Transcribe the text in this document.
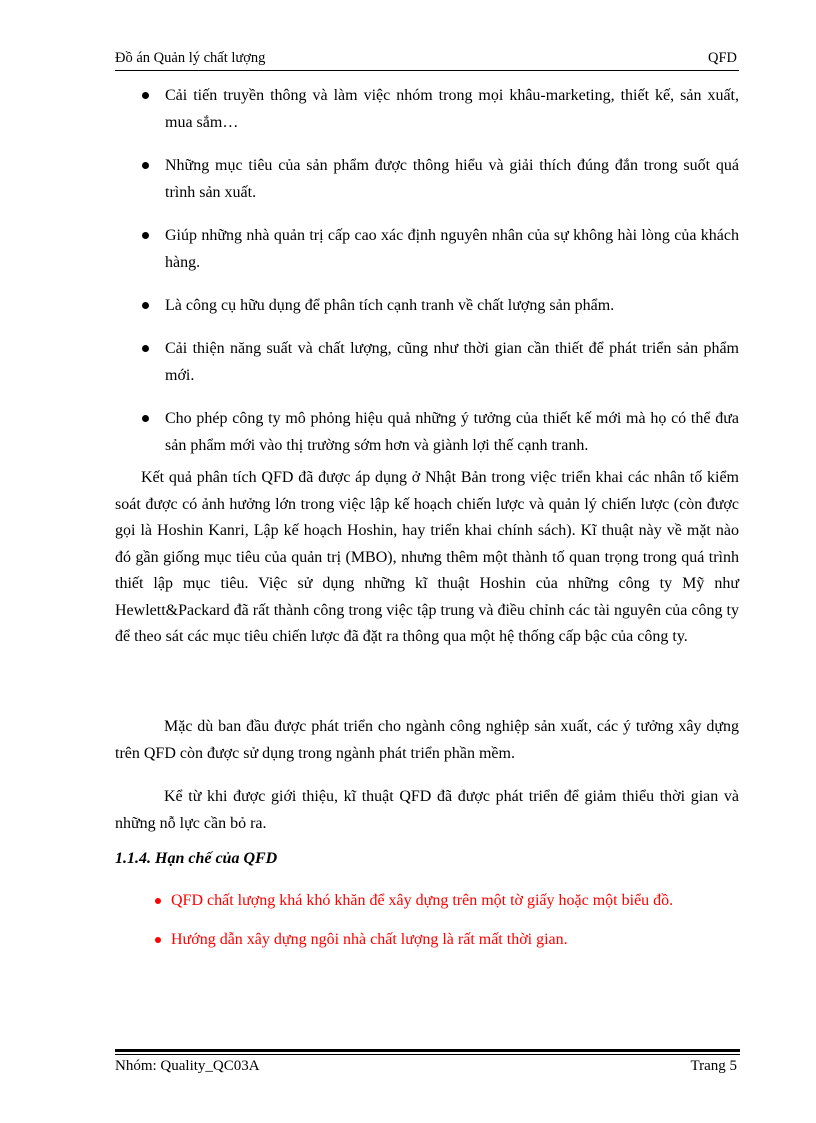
Đồ án Quản lý chất lượng	QFD
Cải tiến truyền thông và làm việc nhóm trong mọi khâu-marketing, thiết kế, sản xuất, mua sắm…
Những mục tiêu của sản phẩm được thông hiểu và giải thích đúng đắn trong suốt quá trình sản xuất.
Giúp những nhà quản trị cấp cao xác định nguyên nhân của sự không hài lòng của khách hàng.
Là công cụ hữu dụng để phân tích cạnh tranh về chất lượng sản phẩm.
Cải thiện năng suất và chất lượng, cũng như thời gian cần thiết để phát triển sản phẩm mới.
Cho phép công ty mô phỏng hiệu quả những ý tưởng của thiết kế mới mà họ có thể đưa sản phẩm mới vào thị trường sớm hơn và giành lợi thế cạnh tranh.

Kết quả phân tích QFD đã được áp dụng ở Nhật Bản trong việc triển khai các nhân tố kiểm soát được có ảnh hưởng lớn trong việc lập kế hoạch chiến lược và quản lý chiến lược (còn được gọi là Hoshin Kanri, Lập kế hoạch Hoshin, hay triển khai chính sách). Kĩ thuật này về mặt nào đó gần giống mục tiêu của quản trị (MBO), nhưng thêm một thành tố quan trọng trong quá trình thiết lập mục tiêu. Việc sử dụng những kĩ thuật Hoshin của những công ty Mỹ như Hewlett&Packard đã rất thành công trong việc tập trung và điều chỉnh các tài nguyên của công ty để theo sát các mục tiêu chiến lược đã đặt ra thông qua một hệ thống cấp bậc của công ty.

Mặc dù ban đầu được phát triển cho ngành công nghiệp sản xuất, các ý tưởng xây dựng trên QFD còn được sử dụng trong ngành phát triển phần mềm.

Kể từ khi được giới thiệu, kĩ thuật QFD đã được phát triển để giảm thiểu thời gian và những nỗ lực cần bỏ ra.

1.1.4. Hạn chế của QFD
QFD chất lượng khá khó khăn để xây dựng trên một tờ giấy hoặc một biểu đồ.
Hướng dẫn xây dựng ngôi nhà chất lượng là rất mất thời gian.
Nhóm: Quality_QC03A	Trang 5
